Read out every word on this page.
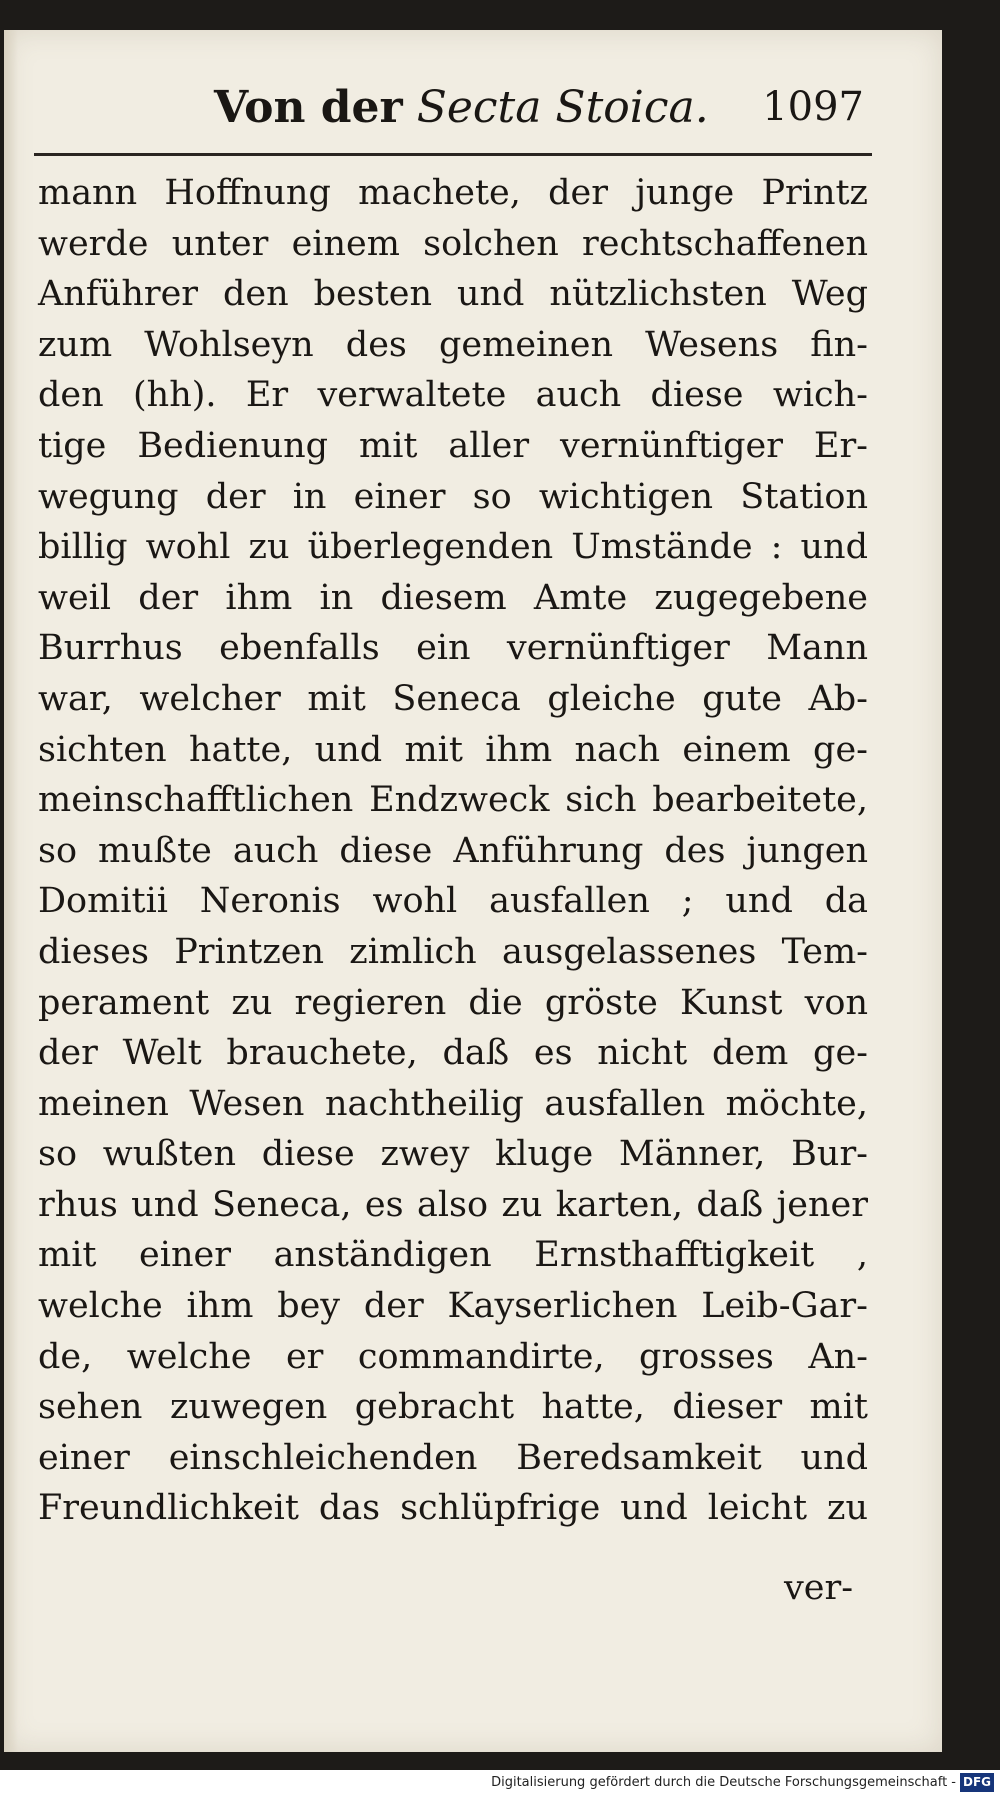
Von der Secta Stoica. 1097
mann Hoffnung machete, der junge Printz
werde unter einem solchen rechtschaffenen
Anführer den besten und nützlichsten Weg
zum Wohlseyn des gemeinen Wesens fin-
den (hh). Er verwaltete auch diese wich-
tige Bedienung mit aller vernünftiger Er-
wegung der in einer so wichtigen Station
billig wohl zu überlegenden Umstände : und
weil der ihm in diesem Amte zugegebene
Burrhus ebenfalls ein vernünftiger Mann
war, welcher mit Seneca gleiche gute Ab-
sichten hatte, und mit ihm nach einem ge-
meinschafftlichen Endzweck sich bearbeitete,
so mußte auch diese Anführung des jungen
Domitii Neronis wohl ausfallen ; und da
dieses Printzen zimlich ausgelassenes Tem-
perament zu regieren die gröste Kunst von
der Welt brauchete, daß es nicht dem ge-
meinen Wesen nachtheilig ausfallen möchte,
so wußten diese zwey kluge Männer, Bur-
rhus und Seneca, es also zu karten, daß jener
mit einer anständigen Ernsthafftigkeit ,
welche ihm bey der Kayserlichen Leib-Gar-
de, welche er commandirte, grosses An-
sehen zuwegen gebracht hatte, dieser mit
einer einschleichenden Beredsamkeit und
Freundlichkeit das schlüpfrige und leicht zu
ver-
Digitalisierung gefördert durch die Deutsche Forschungsgemeinschaft - DFG
